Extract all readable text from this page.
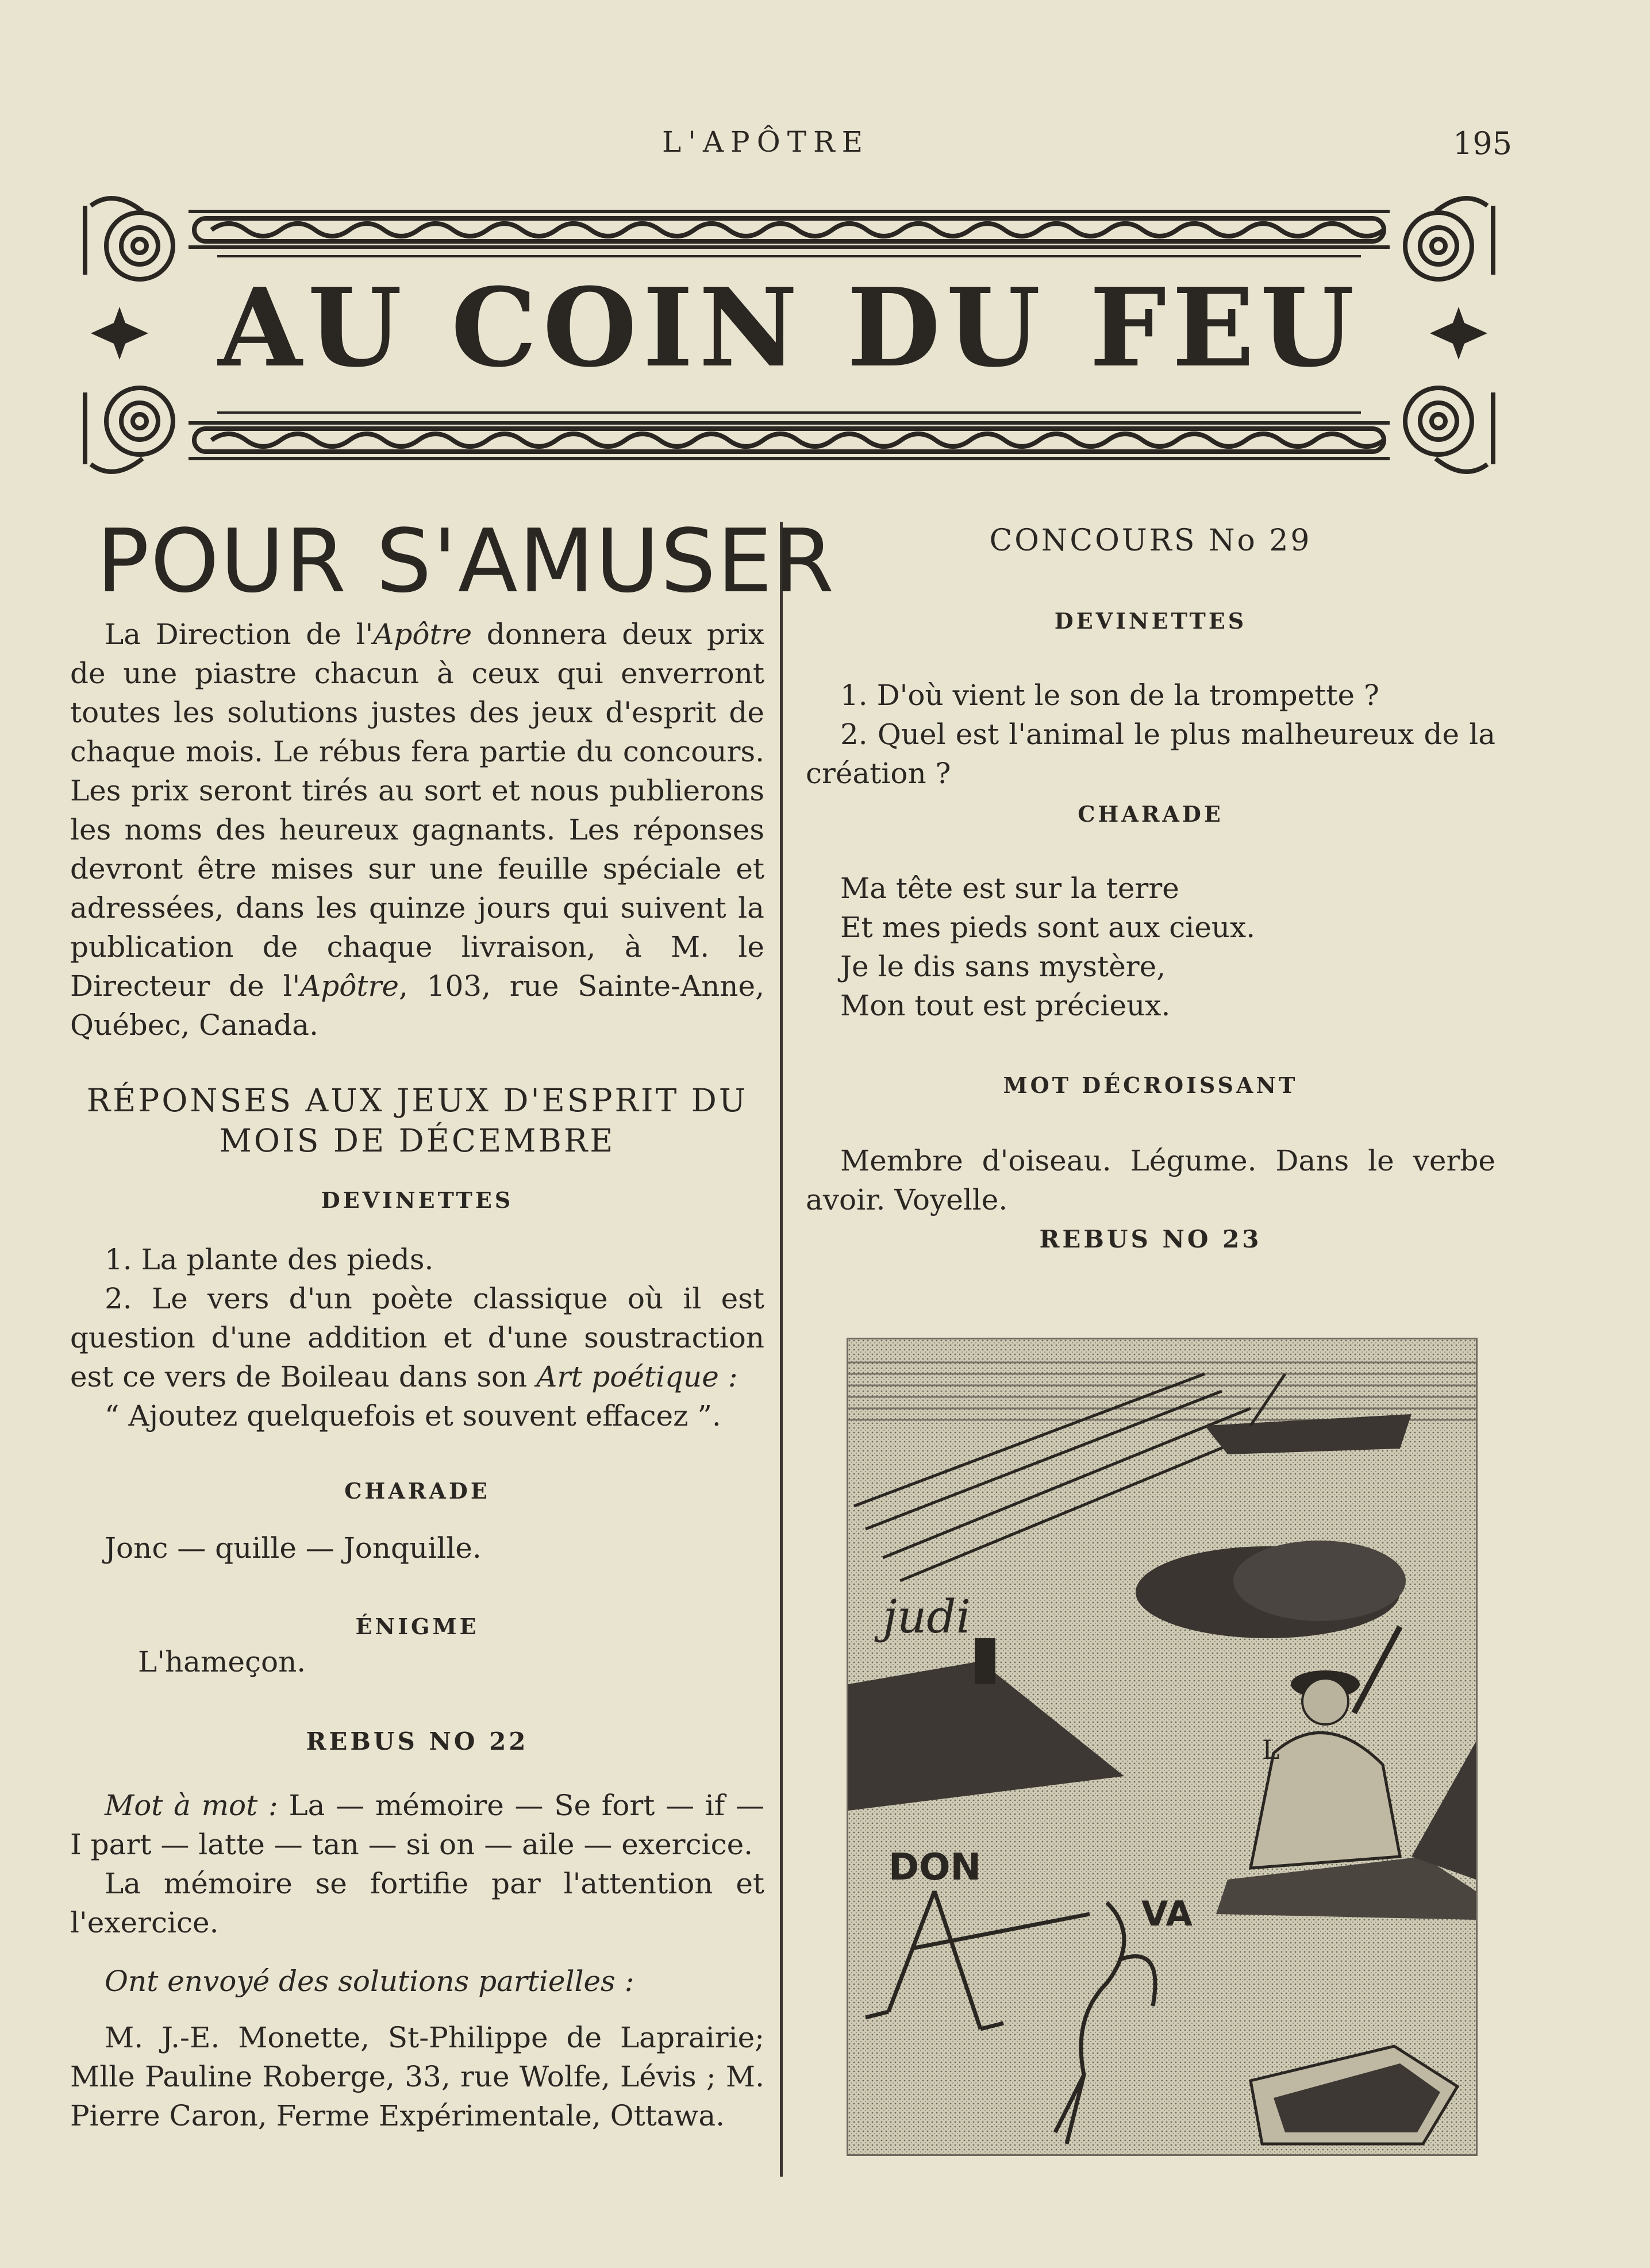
L'APÔTRE	195
AU COIN DU FEU
POUR S'AMUSER

La Direction de l'Apôtre donnera deux prix de une piastre chacun à ceux qui enverront toutes les solutions justes des jeux d'esprit de chaque mois. Le rébus fera partie du concours. Les prix seront tirés au sort et nous publierons les noms des heureux gagnants. Les réponses devront être mises sur une feuille spéciale et adressées, dans les quinze jours qui suivent la publication de chaque livraison, à M. le Directeur de l'Apôtre, 103, rue Sainte-Anne, Québec, Canada.

RÉPONSES AUX JEUX D'ESPRIT DU
MOIS DE DÉCEMBRE
DEVINETTES

1. La plante des pieds.

2. Le vers d'un poète classique où il est question d'une addition et d'une soustraction est ce vers de Boileau dans son Art poétique :

“ Ajoutez quelquefois et souvent effacez ”.

CHARADE

Jonc — quille — Jonquille.

ÉNIGME

L'hameçon.

REBUS NO 22

Mot à mot : La — mémoire — Se fort — if — I part — latte — tan — si on — aile — exercice.

La mémoire se fortifie par l'attention et l'exercice.

Ont envoyé des solutions partielles :

M. J.-E. Monette, St-Philippe de Laprairie; Mlle Pauline Roberge, 33, rue Wolfe, Lévis ; M. Pierre Caron, Ferme Expérimentale, Ottawa.

CONCOURS No 29
DEVINETTES

1. D'où vient le son de la trompette ?

2. Quel est l'animal le plus malheureux de la création ?

CHARADE

Ma tête est sur la terre

Et mes pieds sont aux cieux.

Je le dis sans mystère,

Mon tout est précieux.

MOT DÉCROISSANT

Membre d'oiseau. Légume. Dans le verbe avoir. Voyelle.

REBUS NO 23
judi
L
DON
VA
